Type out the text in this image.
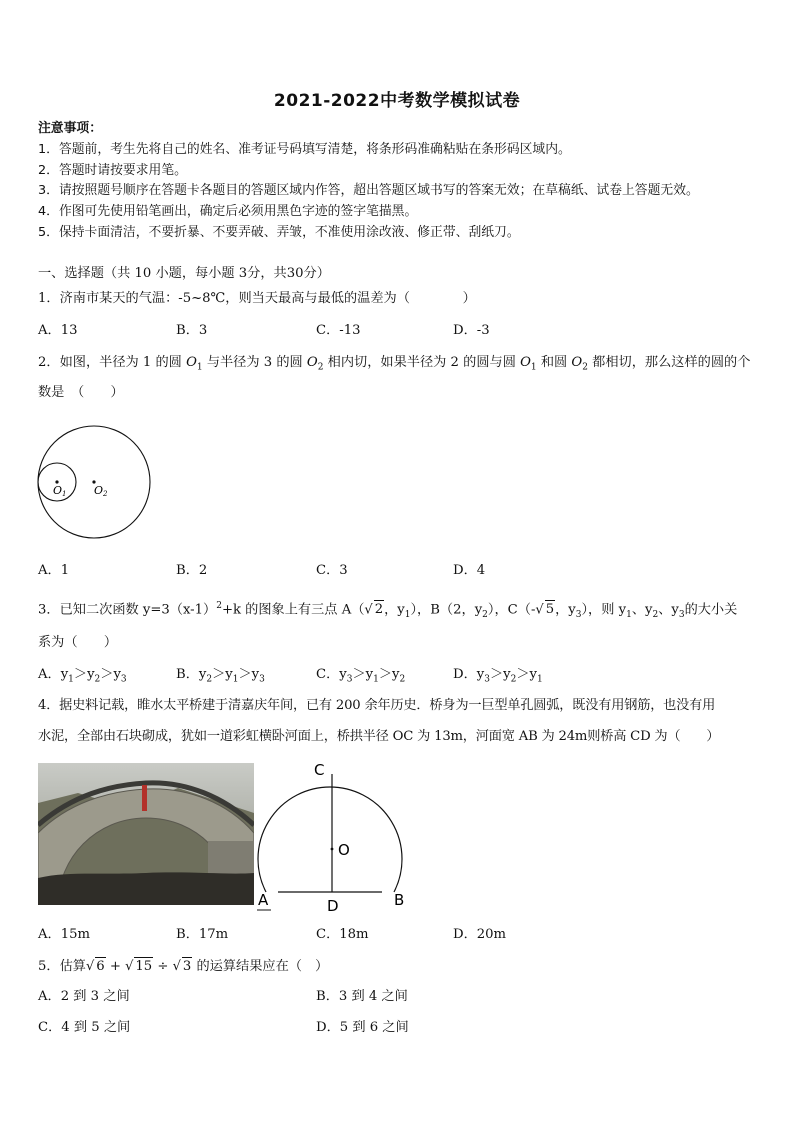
2021-2022中考数学模拟试卷
注意事项：
1．答题前，考生先将自己的姓名、准考证号码填写清楚，将条形码准确粘贴在条形码区域内。
2．答题时请按要求用笔。
3．请按照题号顺序在答题卡各题目的答题区域内作答，超出答题区域书写的答案无效；在草稿纸、试卷上答题无效。
4．作图可先使用铅笔画出，确定后必须用黑色字迹的签字笔描黑。
5．保持卡面清洁，不要折暴、不要弄破、弄皱，不准使用涂改液、修正带、刮纸刀。
一、选择题（共 10 小题，每小题 3分，共30分）
1．济南市某天的气温：-5~8℃，则当天最高与最低的温差为（　　　　）
A．13	B．3	C．-13	D．-3
2．如图，半径为 1 的圆 $O_1$ 与半径为 3 的圆 $O_2$ 相内切，如果半径为 2 的圆与圆 $O_1$ 和圆 $O_2$ 都相切，那么这样的圆的个
数是　（　　）
O1	O2
A．1	B．2	C．3	D．4
3．已知二次函数 $y=3(x-1)^2+k$ 的图象上有三点 A（√ 2，$y_1$），B（2，$y_2$），C（-√ 5，$y_3$），则 $y_1$、$y_2$、$y_3$的大小关
系为（　　）
A．$y_1>y_2>y_3$	B．$y_2>y_1>y_3$	C．$y_3>y_1>y_2$	D．$y_3>y_2>y_1$
4．据史料记载，睢水太平桥建于清嘉庆年间，已有 200 余年历史．桥身为一巨型单孔圆弧，既没有用钢筋，也没有用
水泥，全部由石块砌成，犹如一道彩虹横卧河面上，桥拱半径 OC 为 13m，河面宽 AB 为 24m则桥高 CD 为（　　）
C
O
A	D	B
A．15m	B．17m	C．18m	D．20m
5．估算√ 6 + √ 15 ÷ √ 3 的运算结果应在（　）
A．2 到 3 之间	B．3 到 4 之间
C．4 到 5 之间	D．5 到 6 之间
